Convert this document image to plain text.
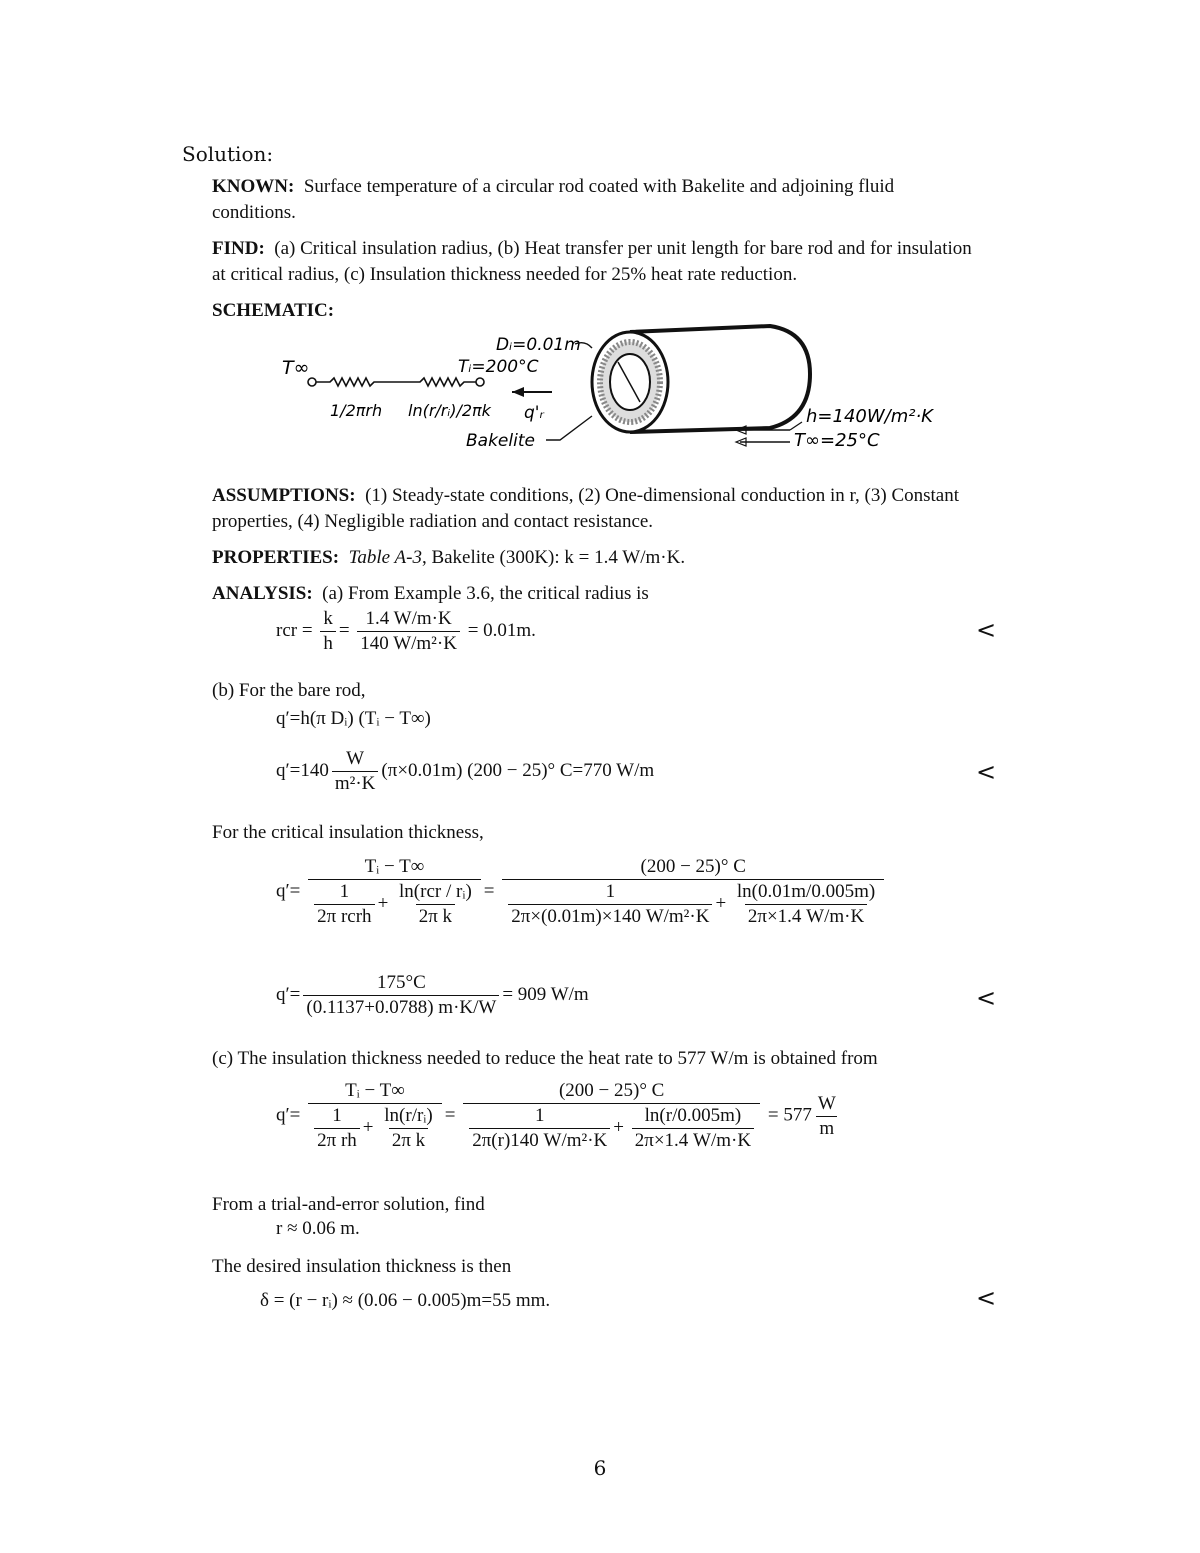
Solution:
KNOWN: Surface temperature of a circular rod coated with Bakelite and adjoining fluid conditions.
FIND: (a) Critical insulation radius, (b) Heat transfer per unit length for bare rod and for insulation at critical radius, (c) Insulation thickness needed for 25% heat rate reduction.
SCHEMATIC:
T∞	Tᵢ=200°C
Dᵢ=0.01m
q'ᵣ
1/2πrh ln(r/rᵢ)/2πk
Bakelite
h=140W/m²·K
T∞=25°C
ASSUMPTIONS: (1) Steady-state conditions, (2) One-dimensional conduction in r, (3) Constant properties, (4) Negligible radiation and contact resistance.
PROPERTIES: Table A-3, Bakelite (300K): k = 1.4 W/m·K.
ANALYSIS: (a) From Example 3.6, the critical radius is
rcr = $\frac{k}{h} = \frac{1.4 W/m\cdot K}{\text{140 W/m²·K}} = 0.01m$.	<
(b) For the bare rod,
q′=h(π Dᵢ) (Tᵢ − T∞)
$q'=140 \frac{W}{\text{m²·K}} (\pi\times 0.01m) (200 - 25)^\circ$ C=770 W/m	<
For the critical insulation thickness,
$q'= \frac{\text{Tᵢ − T∞}}{\frac{1}{\text{2π rcrh}} + \frac{\text{ln(rcr / rᵢ)}}{\text{2π k}}} = \frac{(200 - 25)^\circ C}{\frac{1}{\text{2π×(0.01m)×140 W/m²·K}} + \frac{\ln(0.01m/0.005m)}{2\pi\times 1.4 W/m\cdot K}}$
$q'= \frac{175^\circ C}{(0.1137+0.0788) m\cdot K/W} = 909$ W/m	<
(c) The insulation thickness needed to reduce the heat rate to 577 W/m is obtained from
$q'= \frac{\text{Tᵢ − T∞}}{\frac{1}{\text{2π rh}} + \frac{\text{ln(r/rᵢ)}}{\text{2π k}}} = \frac{(200 - 25)^\circ C}{\frac{1}{\text{2π(r)140 W/m²·K}} + \frac{\ln(r/0.005m)}{2\pi\times 1.4 W/m\cdot K}} = 577 \frac{W}{m}$
From a trial-and-error solution, find
r ≈ 0.06 m.
The desired insulation thickness is then
δ = (r − rᵢ) ≈ (0.06 − 0.005)m=55 mm.	<
6
